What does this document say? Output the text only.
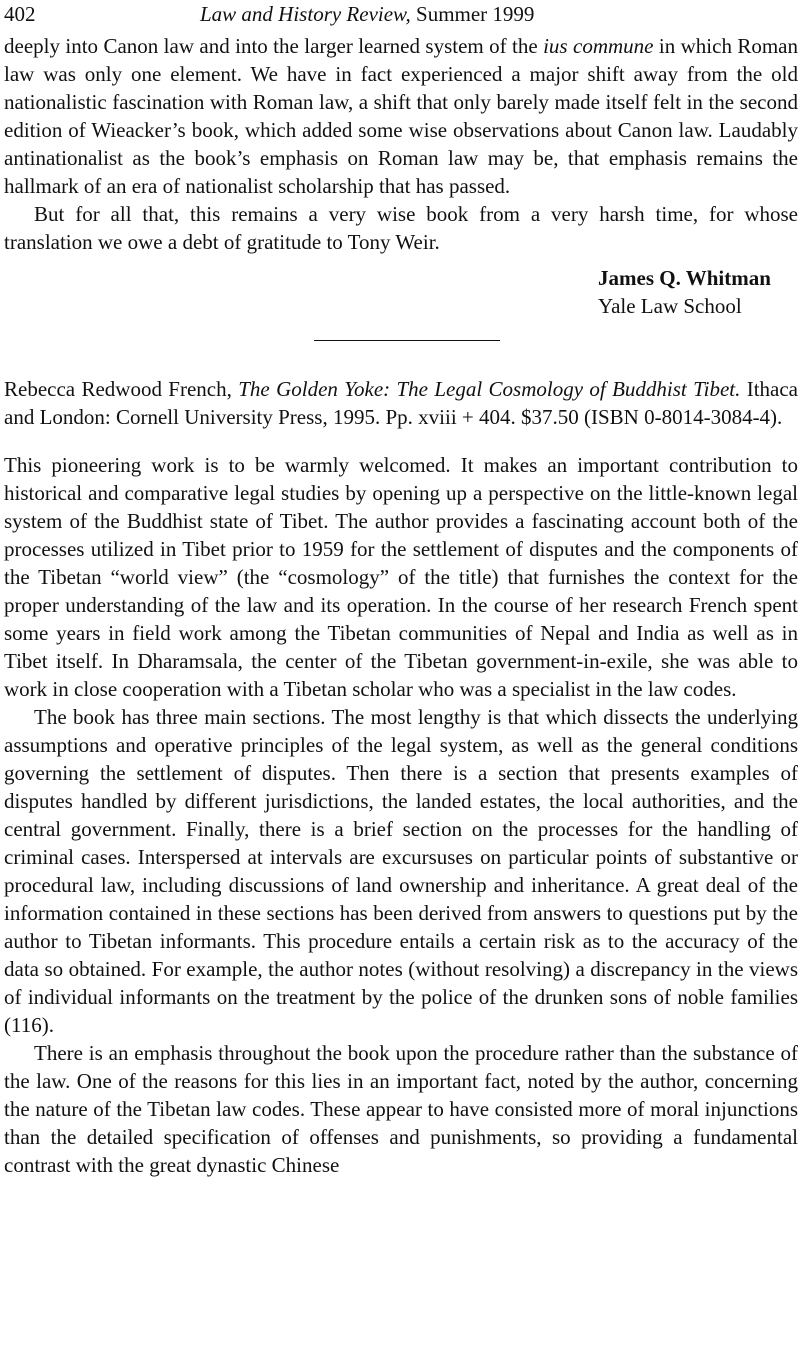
402	Law and History Review, Summer 1999

deeply into Canon law and into the larger learned system of the ius commune in which Roman law was only one element. We have in fact experienced a major shift away from the old nationalistic fascination with Roman law, a shift that only barely made itself felt in the second edition of Wieacker’s book, which added some wise observations about Canon law. Laudably antinationalist as the book’s emphasis on Roman law may be, that emphasis remains the hallmark of an era of nationalist scholarship that has passed.

But for all that, this remains a very wise book from a very harsh time, for whose translation we owe a debt of gratitude to Tony Weir.

James Q. Whitman
Yale Law School

Rebecca Redwood French, The Golden Yoke: The Legal Cosmology of Buddhist Tibet. Ithaca and London: Cornell University Press, 1995. Pp. xviii + 404. $37.50 (ISBN 0-8014-3084-4).

This pioneering work is to be warmly welcomed. It makes an important contribution to historical and comparative legal studies by opening up a perspective on the little-known legal system of the Buddhist state of Tibet. The author provides a fascinating account both of the processes utilized in Tibet prior to 1959 for the settlement of disputes and the components of the Tibetan “world view” (the “cosmology” of the title) that furnishes the context for the proper understanding of the law and its operation. In the course of her research French spent some years in field work among the Tibetan communities of Nepal and India as well as in Tibet itself. In Dharamsala, the center of the Tibetan government-in-exile, she was able to work in close cooperation with a Tibetan scholar who was a specialist in the law codes.

The book has three main sections. The most lengthy is that which dissects the underlying assumptions and operative principles of the legal system, as well as the general conditions governing the settlement of disputes. Then there is a section that presents examples of disputes handled by different jurisdictions, the landed estates, the local authorities, and the central government. Finally, there is a brief section on the processes for the handling of criminal cases. Interspersed at intervals are excursuses on particular points of substantive or procedural law, including discussions of land ownership and inheritance. A great deal of the information contained in these sections has been derived from answers to questions put by the author to Tibetan informants. This procedure entails a certain risk as to the accuracy of the data so obtained. For example, the author notes (without resolving) a discrepancy in the views of individual informants on the treatment by the police of the drunken sons of noble families (116).

There is an emphasis throughout the book upon the procedure rather than the substance of the law. One of the reasons for this lies in an important fact, noted by the author, concerning the nature of the Tibetan law codes. These appear to have consisted more of moral injunctions than the detailed specification of offenses and punishments, so providing a fundamental contrast with the great dynastic Chinese
